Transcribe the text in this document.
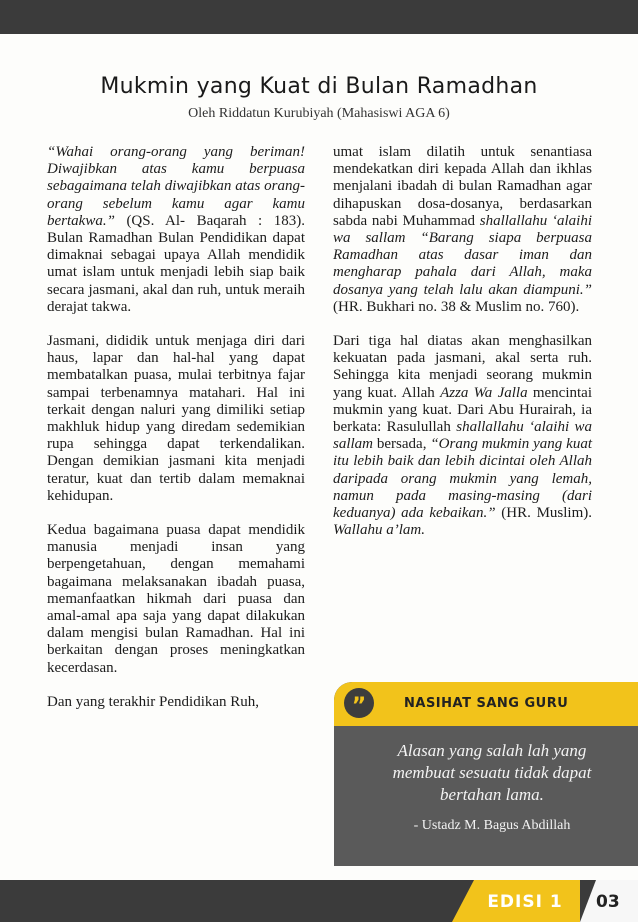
Mukmin yang Kuat di Bulan Ramadhan
Oleh Riddatun Kurubiyah (Mahasiswi AGA 6)

“Wahai orang-orang yang beriman! Diwajibkan atas kamu berpuasa sebagaimana telah diwajibkan atas orang-orang sebelum kamu agar kamu bertakwa.” (QS. Al- Baqarah : 183). Bulan Ramadhan Bulan Pendidikan dapat dimaknai sebagai upaya Allah mendidik umat islam untuk menjadi lebih siap baik secara jasmani, akal dan ruh, untuk meraih derajat takwa.

Jasmani, dididik untuk menjaga diri dari haus, lapar dan hal-hal yang dapat membatalkan puasa, mulai terbitnya fajar sampai terbenamnya matahari. Hal ini terkait dengan naluri yang dimiliki setiap makhluk hidup yang diredam sedemikian rupa sehingga dapat terkendalikan. Dengan demikian jasmani kita menjadi teratur, kuat dan tertib dalam memaknai kehidupan.

Kedua bagaimana puasa dapat mendidik manusia menjadi insan yang berpengetahuan, dengan memahami bagaimana melaksanakan ibadah puasa, memanfaatkan hikmah dari puasa dan amal-amal apa saja yang dapat dilakukan dalam mengisi bulan Ramadhan. Hal ini berkaitan dengan proses meningkatkan kecerdasan.

Dan yang terakhir Pendidikan Ruh,

umat islam dilatih untuk senantiasa mendekatkan diri kepada Allah dan ikhlas menjalani ibadah di bulan Ramadhan agar dihapuskan dosa-dosanya, berdasarkan sabda nabi Muhammad shallallahu ‘alaihi wa sallam “Barang siapa berpuasa Ramadhan atas dasar iman dan mengharap pahala dari Allah, maka dosanya yang telah lalu akan diampuni.” (HR. Bukhari no. 38 & Muslim no. 760).

Dari tiga hal diatas akan menghasilkan kekuatan pada jasmani, akal serta ruh. Sehingga kita menjadi seorang mukmin yang kuat. Allah Azza Wa Jalla mencintai mukmin yang kuat. Dari Abu Hurairah, ia berkata: Rasulullah shallallahu ‘alaihi wa sallam bersada, “Orang mukmin yang kuat itu lebih baik dan lebih dicintai oleh Allah daripada orang mukmin yang lemah, namun pada masing-masing (dari keduanya) ada kebaikan.” (HR. Muslim). Wallahu a’lam.

”	NASIHAT SANG GURU
Alasan yang salah lah yang membuat sesuatu tidak dapat bertahan lama.
- Ustadz M. Bagus Abdillah
EDISI 1	03
